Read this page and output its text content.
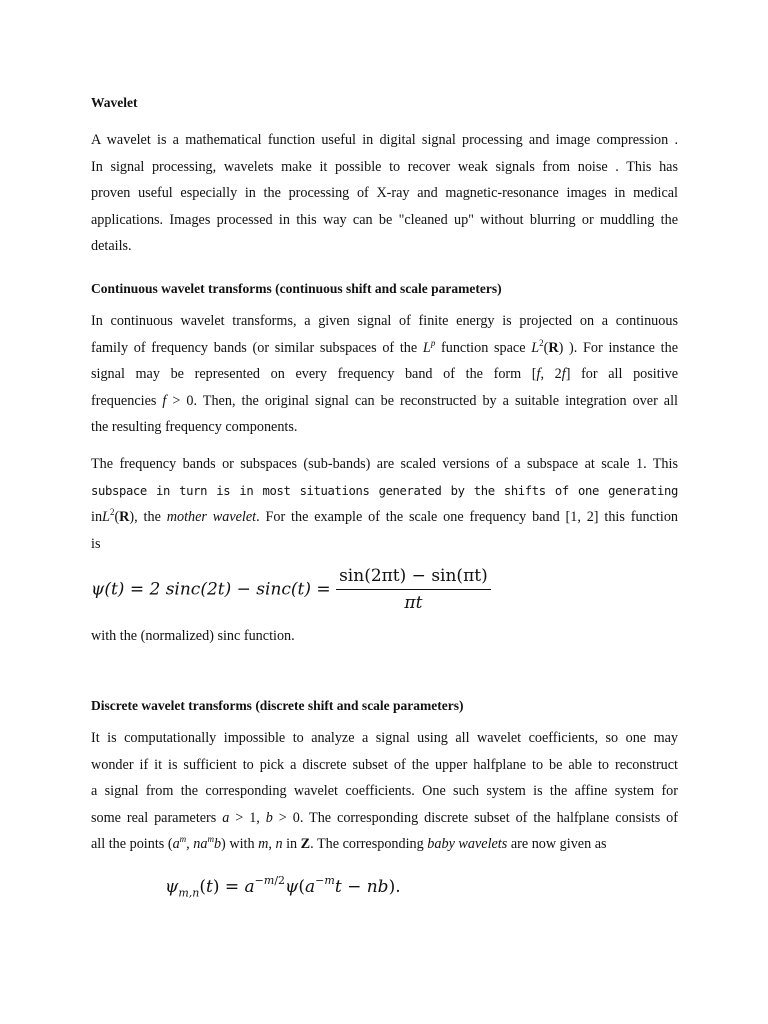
Wavelet
A wavelet is a mathematical function useful in digital signal processing and image compression .
In signal processing, wavelets make it possible to recover weak signals from noise . This has
proven useful especially in the processing of X-ray and magnetic-resonance images in medical
applications. Images processed in this way can be "cleaned up" without blurring or muddling the
details.
Continuous wavelet transforms (continuous shift and scale parameters)
In continuous wavelet transforms, a given signal of finite energy is projected on a continuous
family of frequency bands (or similar subspaces of the $L^p$ function space $L^2(R)$ ). For instance the
signal may be represented on every frequency band of the form [f, 2f] for all positive
frequencies f > 0. Then, the original signal can be reconstructed by a suitable integration over all
the resulting frequency components.
The frequency bands or subspaces (sub-bands) are scaled versions of a subspace at scale 1. This
subspace in turn is in most situations generated by the shifts of one generating
inL$^2$(R), the mother wavelet. For the example of the scale one frequency band [1, 2] this function
is
ψ(t) = 2 $\sin c(2t) - \sin c(t) = \frac{\sin(2\pi t) - \sin(\pi t)}{\pi t}$
with the (normalized) sinc function.
Discrete wavelet transforms (discrete shift and scale parameters)
It is computationally impossible to analyze a signal using all wavelet coefficients, so one may
wonder if it is sufficient to pick a discrete subset of the upper halfplane to be able to reconstruct
a signal from the corresponding wavelet coefficients. One such system is the affine system for
some real parameters a > 1, b > 0. The corresponding discrete subset of the halfplane consists of
all the points ($a^m$, $na^mb$) with m, n in Z. The corresponding baby wavelets are now given as
$\psi_{m,n}(t) = a^{-m/2}\psi(a^{-m}t - nb)$.
